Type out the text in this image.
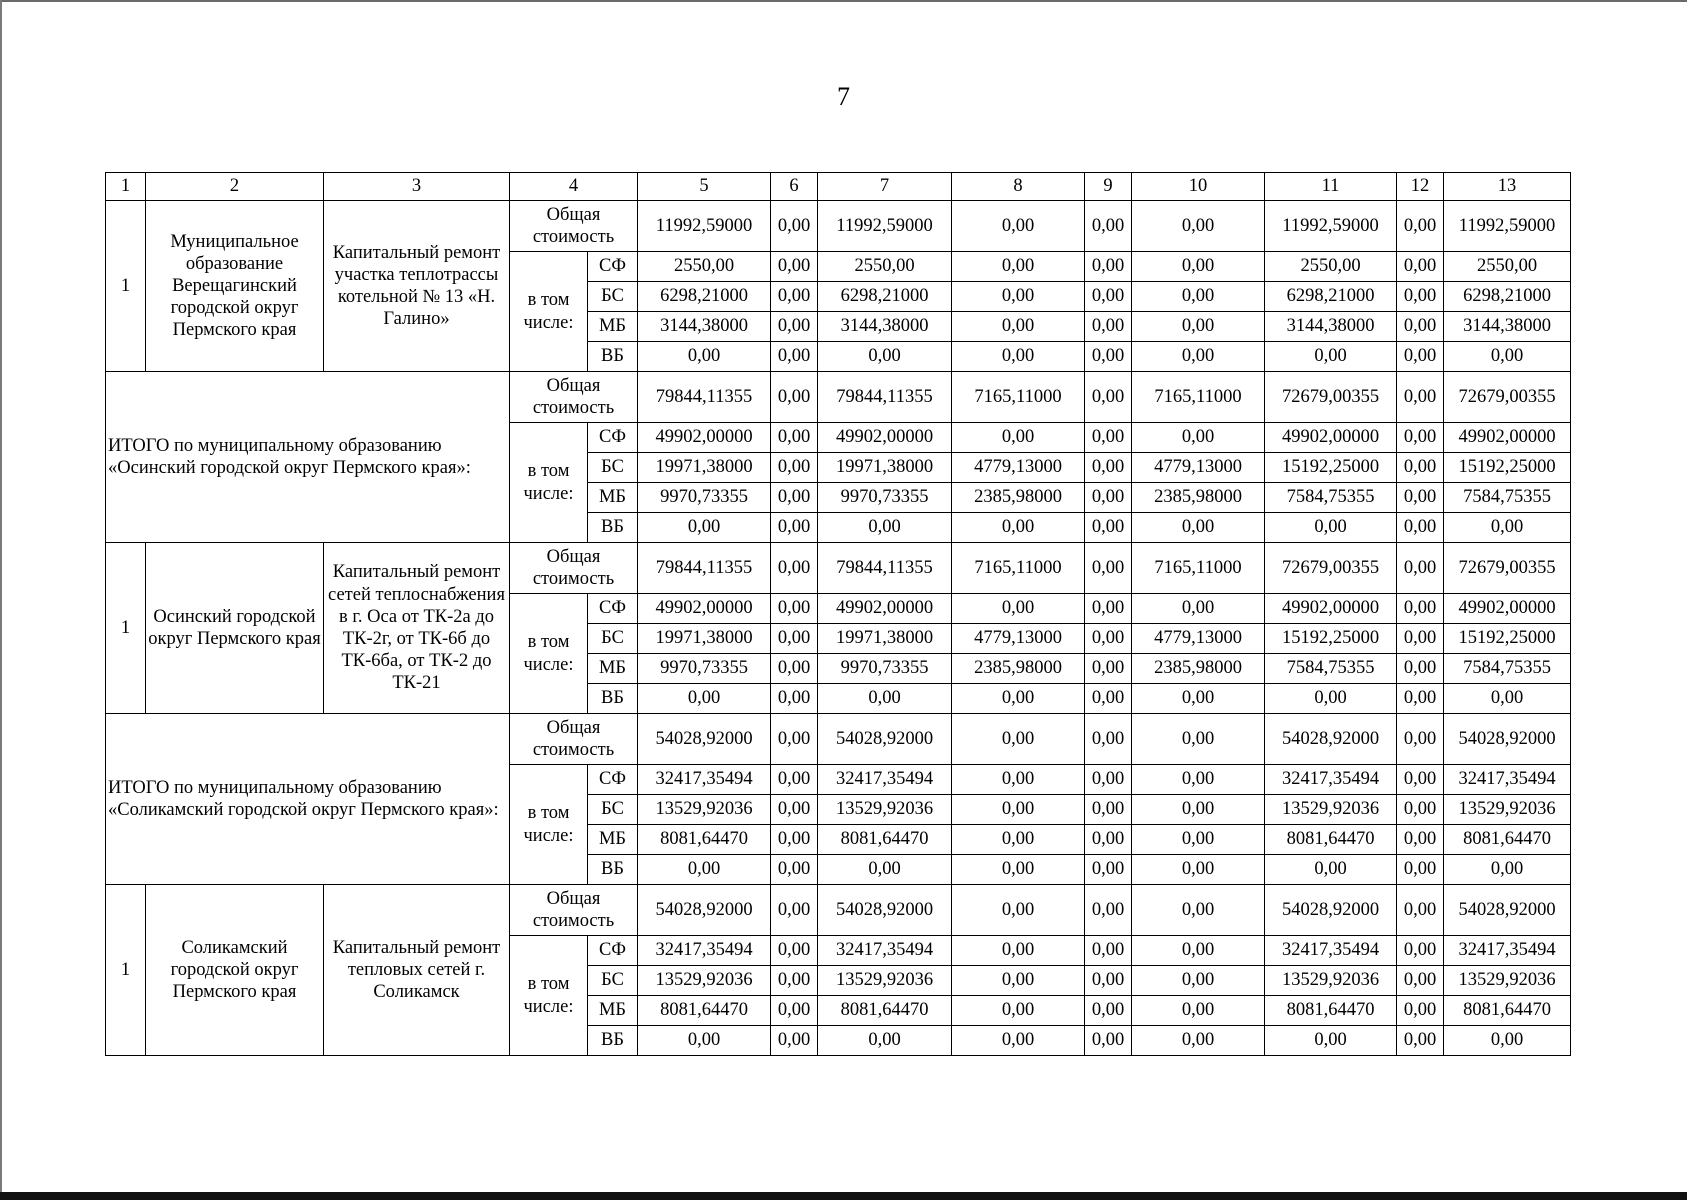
7
1	2	3	4		5	6	7	8	9	10	11	12	13
1	Муниципальное образование Верещагинский городской округ Пермского края	Капитальный ремонт участка теплотрассы котельной № 13 «Н. Галино»	Общая стоимость		11992,59000	0,00	11992,59000	0,00	0,00	0,00	11992,59000	0,00	11992,59000
			в том числе:	СФ	2550,00	0,00	2550,00	0,00	0,00	0,00	2550,00	0,00	2550,00
				БС	6298,21000	0,00	6298,21000	0,00	0,00	0,00	6298,21000	0,00	6298,21000
				МБ	3144,38000	0,00	3144,38000	0,00	0,00	0,00	3144,38000	0,00	3144,38000
				ВБ	0,00	0,00	0,00	0,00	0,00	0,00	0,00	0,00	0,00
ИТОГО по муниципальному образованию «Осинский городской округ Пермского края»:			Общая стоимость		79844,11355	0,00	79844,11355	7165,11000	0,00	7165,11000	72679,00355	0,00	72679,00355
			в том числе:	СФ	49902,00000	0,00	49902,00000	0,00	0,00	0,00	49902,00000	0,00	49902,00000
				БС	19971,38000	0,00	19971,38000	4779,13000	0,00	4779,13000	15192,25000	0,00	15192,25000
				МБ	9970,73355	0,00	9970,73355	2385,98000	0,00	2385,98000	7584,75355	0,00	7584,75355
				ВБ	0,00	0,00	0,00	0,00	0,00	0,00	0,00	0,00	0,00
1	Осинский городской округ Пермского края	Капитальный ремонт сетей теплоснабжения в г. Оса от ТК-2а до ТК-2г, от ТК-6б до ТК-6ба, от ТК-2 до ТК-21	Общая стоимость		79844,11355	0,00	79844,11355	7165,11000	0,00	7165,11000	72679,00355	0,00	72679,00355
			в том числе:	СФ	49902,00000	0,00	49902,00000	0,00	0,00	0,00	49902,00000	0,00	49902,00000
				БС	19971,38000	0,00	19971,38000	4779,13000	0,00	4779,13000	15192,25000	0,00	15192,25000
				МБ	9970,73355	0,00	9970,73355	2385,98000	0,00	2385,98000	7584,75355	0,00	7584,75355
				ВБ	0,00	0,00	0,00	0,00	0,00	0,00	0,00	0,00	0,00
ИТОГО по муниципальному образованию «Соликамский городской округ Пермского края»:			Общая стоимость		54028,92000	0,00	54028,92000	0,00	0,00	0,00	54028,92000	0,00	54028,92000
			в том числе:	СФ	32417,35494	0,00	32417,35494	0,00	0,00	0,00	32417,35494	0,00	32417,35494
				БС	13529,92036	0,00	13529,92036	0,00	0,00	0,00	13529,92036	0,00	13529,92036
				МБ	8081,64470	0,00	8081,64470	0,00	0,00	0,00	8081,64470	0,00	8081,64470
				ВБ	0,00	0,00	0,00	0,00	0,00	0,00	0,00	0,00	0,00
1	Соликамский городской округ Пермского края	Капитальный ремонт тепловых сетей г. Соликамск	Общая стоимость		54028,92000	0,00	54028,92000	0,00	0,00	0,00	54028,92000	0,00	54028,92000
			в том числе:	СФ	32417,35494	0,00	32417,35494	0,00	0,00	0,00	32417,35494	0,00	32417,35494
				БС	13529,92036	0,00	13529,92036	0,00	0,00	0,00	13529,92036	0,00	13529,92036
				МБ	8081,64470	0,00	8081,64470	0,00	0,00	0,00	8081,64470	0,00	8081,64470
				ВБ	0,00	0,00	0,00	0,00	0,00	0,00	0,00	0,00	0,00
